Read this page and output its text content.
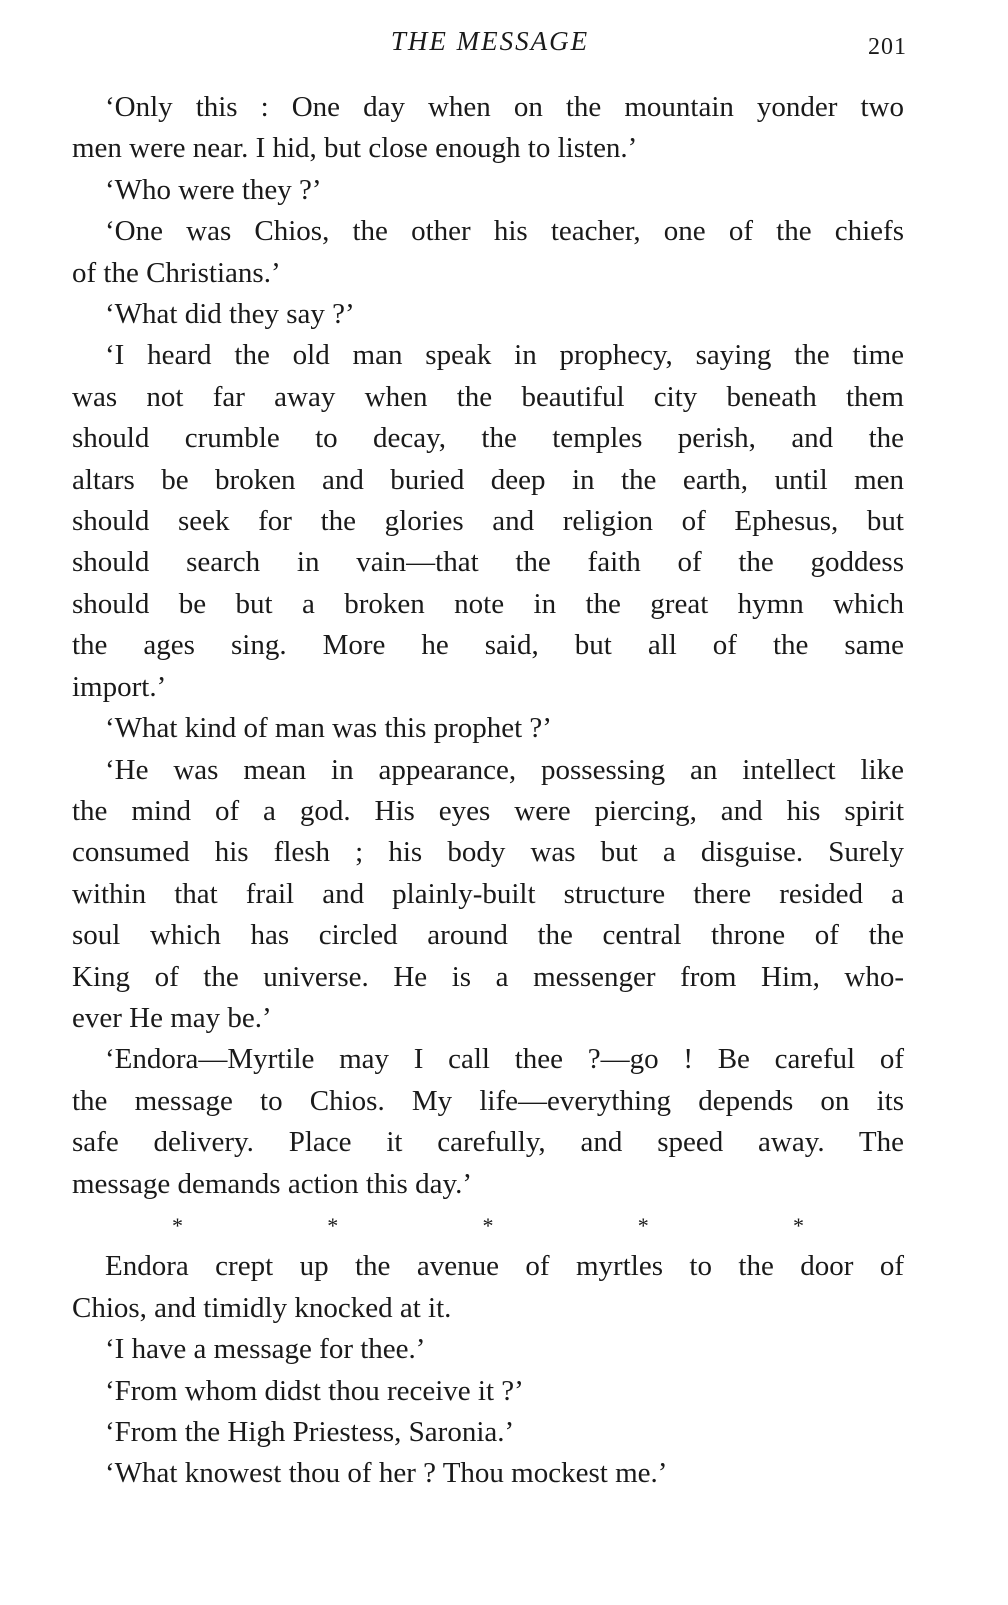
THE MESSAGE	201
‘Only this : One day when on the mountain yonder two
men were near. I hid, but close enough to listen.’
‘Who were they ?’
‘One was Chios, the other his teacher, one of the chiefs
of the Christians.’
‘What did they say ?’
‘I heard the old man speak in prophecy, saying the time
was not far away when the beautiful city beneath them
should crumble to decay, the temples perish, and the
altars be broken and buried deep in the earth, until men
should seek for the glories and religion of Ephesus, but
should search in vain—that the faith of the goddess
should be but a broken note in the great hymn which
the ages sing. More he said, but all of the same
import.’
‘What kind of man was this prophet ?’
‘He was mean in appearance, possessing an intellect like
the mind of a god. His eyes were piercing, and his spirit
consumed his flesh ; his body was but a disguise. Surely
within that frail and plainly-built structure there resided a
soul which has circled around the central throne of the
King of the universe. He is a messenger from Him, who-
ever He may be.’
‘Endora—Myrtile may I call thee ?—go ! Be careful of
the message to Chios. My life—everything depends on its
safe delivery. Place it carefully, and speed away. The
message demands action this day.’
*	*	*	*	*
Endora crept up the avenue of myrtles to the door of
Chios, and timidly knocked at it.
‘I have a message for thee.’
‘From whom didst thou receive it ?’
‘From the High Priestess, Saronia.’
‘What knowest thou of her ? Thou mockest me.’
